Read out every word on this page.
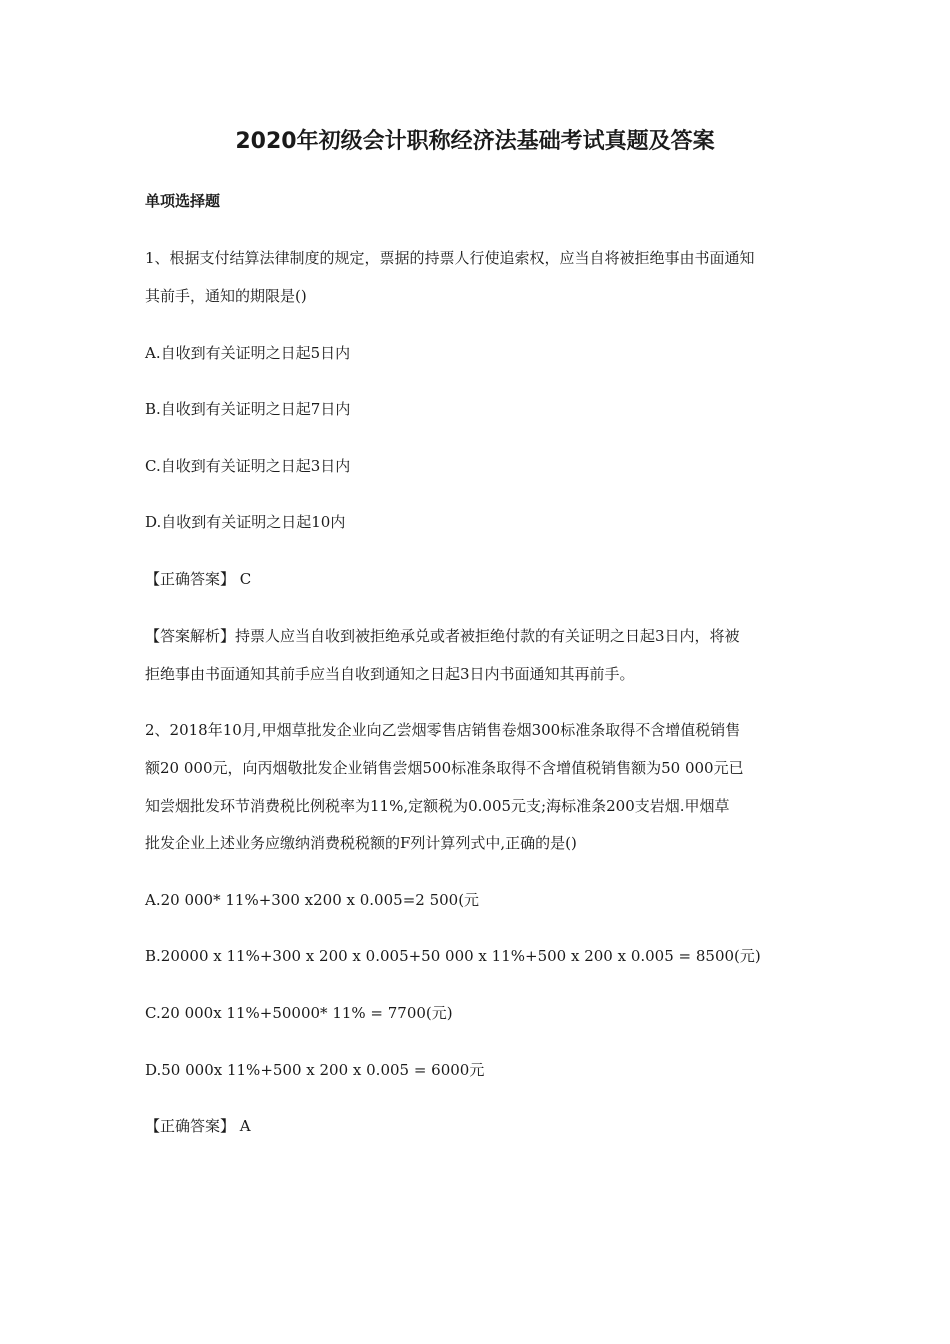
2020年初级会计职称经济法基础考试真题及答案
单项选择题

1、根据支付结算法律制度的规定，票据的持票人行使追索权，应当自将被拒绝事由书面通知

其前手，通知的期限是()

A.自收到有关证明之日起5日内

B.自收到有关证明之日起7日内

C.自收到有关证明之日起3日内

D.自收到有关证明之日起10内

【正确答案】 C

【答案解析】持票人应当自收到被拒绝承兑或者被拒绝付款的有关证明之日起3日内，将被

拒绝事由书面通知其前手应当自收到通知之日起3日内书面通知其再前手。

2、2018年10月,甲烟草批发企业向乙尝烟零售店销售卷烟300标准条取得不含增值税销售

额20 000元，向丙烟敬批发企业销售尝烟500标准条取得不含增值税销售额为50 000元已

知尝烟批发环节消费税比例税率为11%,定额税为0.005元支;海标准条200支岩烟.甲烟草

批发企业上述业务应缴纳消费税税额的F列计算列式中,正确的是()

A.20 000* 11%+300 x200 x 0.005=2 500(元

B.20000 x 11%+300 x 200 x 0.005+50 000 x 11%+500 x 200 x 0.005 = 8500(元)

C.20 000x 11%+50000* 11% = 7700(元)

D.50 000x 11%+500 x 200 x 0.005 = 6000元

【正确答案】 A
